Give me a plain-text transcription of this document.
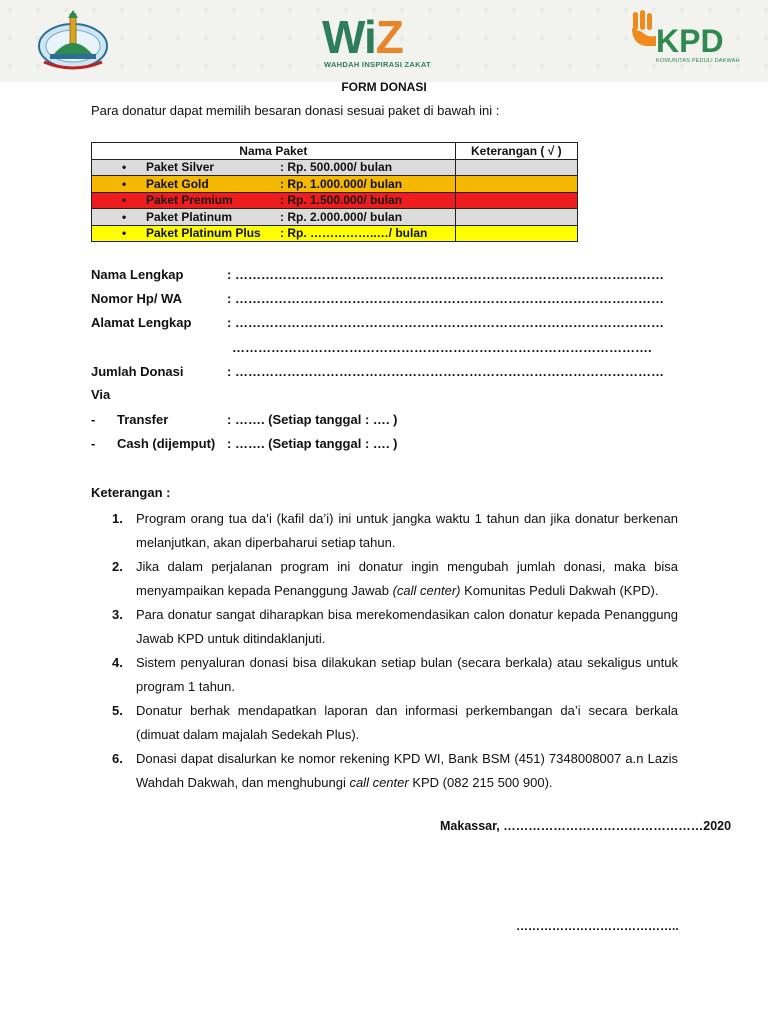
WiZ
WAHDAH INSPIRASI ZAKAT
KPD
KOMUNITAS PEDULI DAKWAH
FORM DONASI
Para donatur dapat memilih besaran donasi sesuai paket di bawah ini :
Nama Paket	Keterangan ( √ )
• Paket Silver : Rp. 500.000/ bulan	
• Paket Gold : Rp. 1.000.000/ bulan	
• Paket Premium : Rp. 1.500.000/ bulan	
• Paket Platinum : Rp. 2.000.000/ bulan	
• Paket Platinum Plus : Rp. ……………..…/ bulan	
Nama Lengkap	: ………………………………………………………………………………………
Nomor Hp/ WA	: ………………………………………………………………………………………
Alamat Lengkap	: ………………………………………………………………………………………
…………………………………………………………………………………….
Jumlah Donasi	: ………………………………………………………………………………………
Via
- Transfer	: ……. (Setiap tanggal : …. )
- Cash (dijemput) : ……. (Setiap tanggal : …. )
Keterangan :
1. Program orang tua da’i (kafil da’i) ini untuk jangka waktu 1 tahun dan jika donatur berkenan melanjutkan, akan diperbaharui setiap tahun.
2. Jika dalam perjalanan program ini donatur ingin mengubah jumlah donasi, maka bisa menyampaikan kepada Penanggung Jawab (call center) Komunitas Peduli Dakwah (KPD).
3. Para donatur sangat diharapkan bisa merekomendasikan calon donatur kepada Penanggung Jawab KPD untuk ditindaklanjuti.
4. Sistem penyaluran donasi bisa dilakukan setiap bulan (secara berkala) atau sekaligus untuk program 1 tahun.
5. Donatur berhak mendapatkan laporan dan informasi perkembangan da’i secara berkala (dimuat dalam majalah Sedekah Plus).
6. Donasi dapat disalurkan ke nomor rekening KPD WI, Bank BSM (451) 7348008007 a.n Lazis Wahdah Dakwah, dan menghubungi call center KPD (082 215 500 900).
Makassar, …………………………………………2020
…………………………………..
